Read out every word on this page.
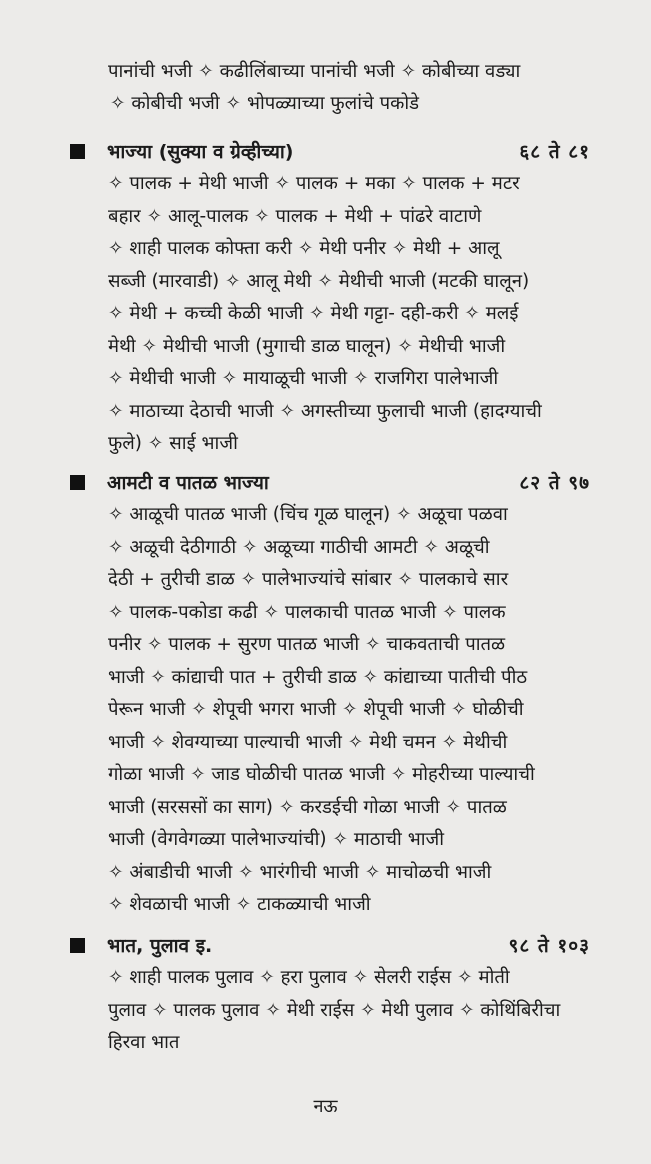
पानांची भजी ✧ कढीलिंबाच्या पानांची भजी ✧ कोबीच्या वड्या
✧ कोबीची भजी ✧ भोपळ्याच्या फुलांचे पकोडे
भाज्या (सुक्या व ग्रेव्हीच्या)	६८ ते ८१
✧ पालक + मेथी भाजी ✧ पालक + मका ✧ पालक + मटर
बहार ✧ आलू-पालक ✧ पालक + मेथी + पांढरे वाटाणे
✧ शाही पालक कोफ्ता करी ✧ मेथी पनीर ✧ मेथी + आलू
सब्जी (मारवाडी) ✧ आलू मेथी ✧ मेथीची भाजी (मटकी घालून)
✧ मेथी + कच्ची केळी भाजी ✧ मेथी गट्टा- दही-करी ✧ मलई
मेथी ✧ मेथीची भाजी (मुगाची डाळ घालून) ✧ मेथीची भाजी
✧ मेथीची भाजी ✧ मायाळूची भाजी ✧ राजगिरा पालेभाजी
✧ माठाच्या देठाची भाजी ✧ अगस्तीच्या फुलाची भाजी (हादग्याची
फुले) ✧ साई भाजी
आमटी व पातळ भाज्या	८२ ते ९७
✧ आळूची पातळ भाजी (चिंच गूळ घालून) ✧ अळूचा पळवा
✧ अळूची देठीगाठी ✧ अळूच्या गाठीची आमटी ✧ अळूची
देठी + तुरीची डाळ ✧ पालेभाज्यांचे सांबार ✧ पालकाचे सार
✧ पालक-पकोडा कढी ✧ पालकाची पातळ भाजी ✧ पालक
पनीर ✧ पालक + सुरण पातळ भाजी ✧ चाकवताची पातळ
भाजी ✧ कांद्याची पात + तुरीची डाळ ✧ कांद्याच्या पातीची पीठ
पेरून भाजी ✧ शेपूची भगरा भाजी ✧ शेपूची भाजी ✧ घोळीची
भाजी ✧ शेवग्याच्या पाल्याची भाजी ✧ मेथी चमन ✧ मेथीची
गोळा भाजी ✧ जाड घोळीची पातळ भाजी ✧ मोहरीच्या पाल्याची
भाजी (सरससों का साग) ✧ करडईची गोळा भाजी ✧ पातळ
भाजी (वेगवेगळ्या पालेभाज्यांची) ✧ माठाची भाजी
✧ अंबाडीची भाजी ✧ भारंगीची भाजी ✧ माचोळची भाजी
✧ शेवळाची भाजी ✧ टाकळ्याची भाजी
भात, पुलाव इ.	९८ ते १०३
✧ शाही पालक पुलाव ✧ हरा पुलाव ✧ सेलरी राईस ✧ मोती
पुलाव ✧ पालक पुलाव ✧ मेथी राईस ✧ मेथी पुलाव ✧ कोथिंबिरीचा
हिरवा भात
नऊ
